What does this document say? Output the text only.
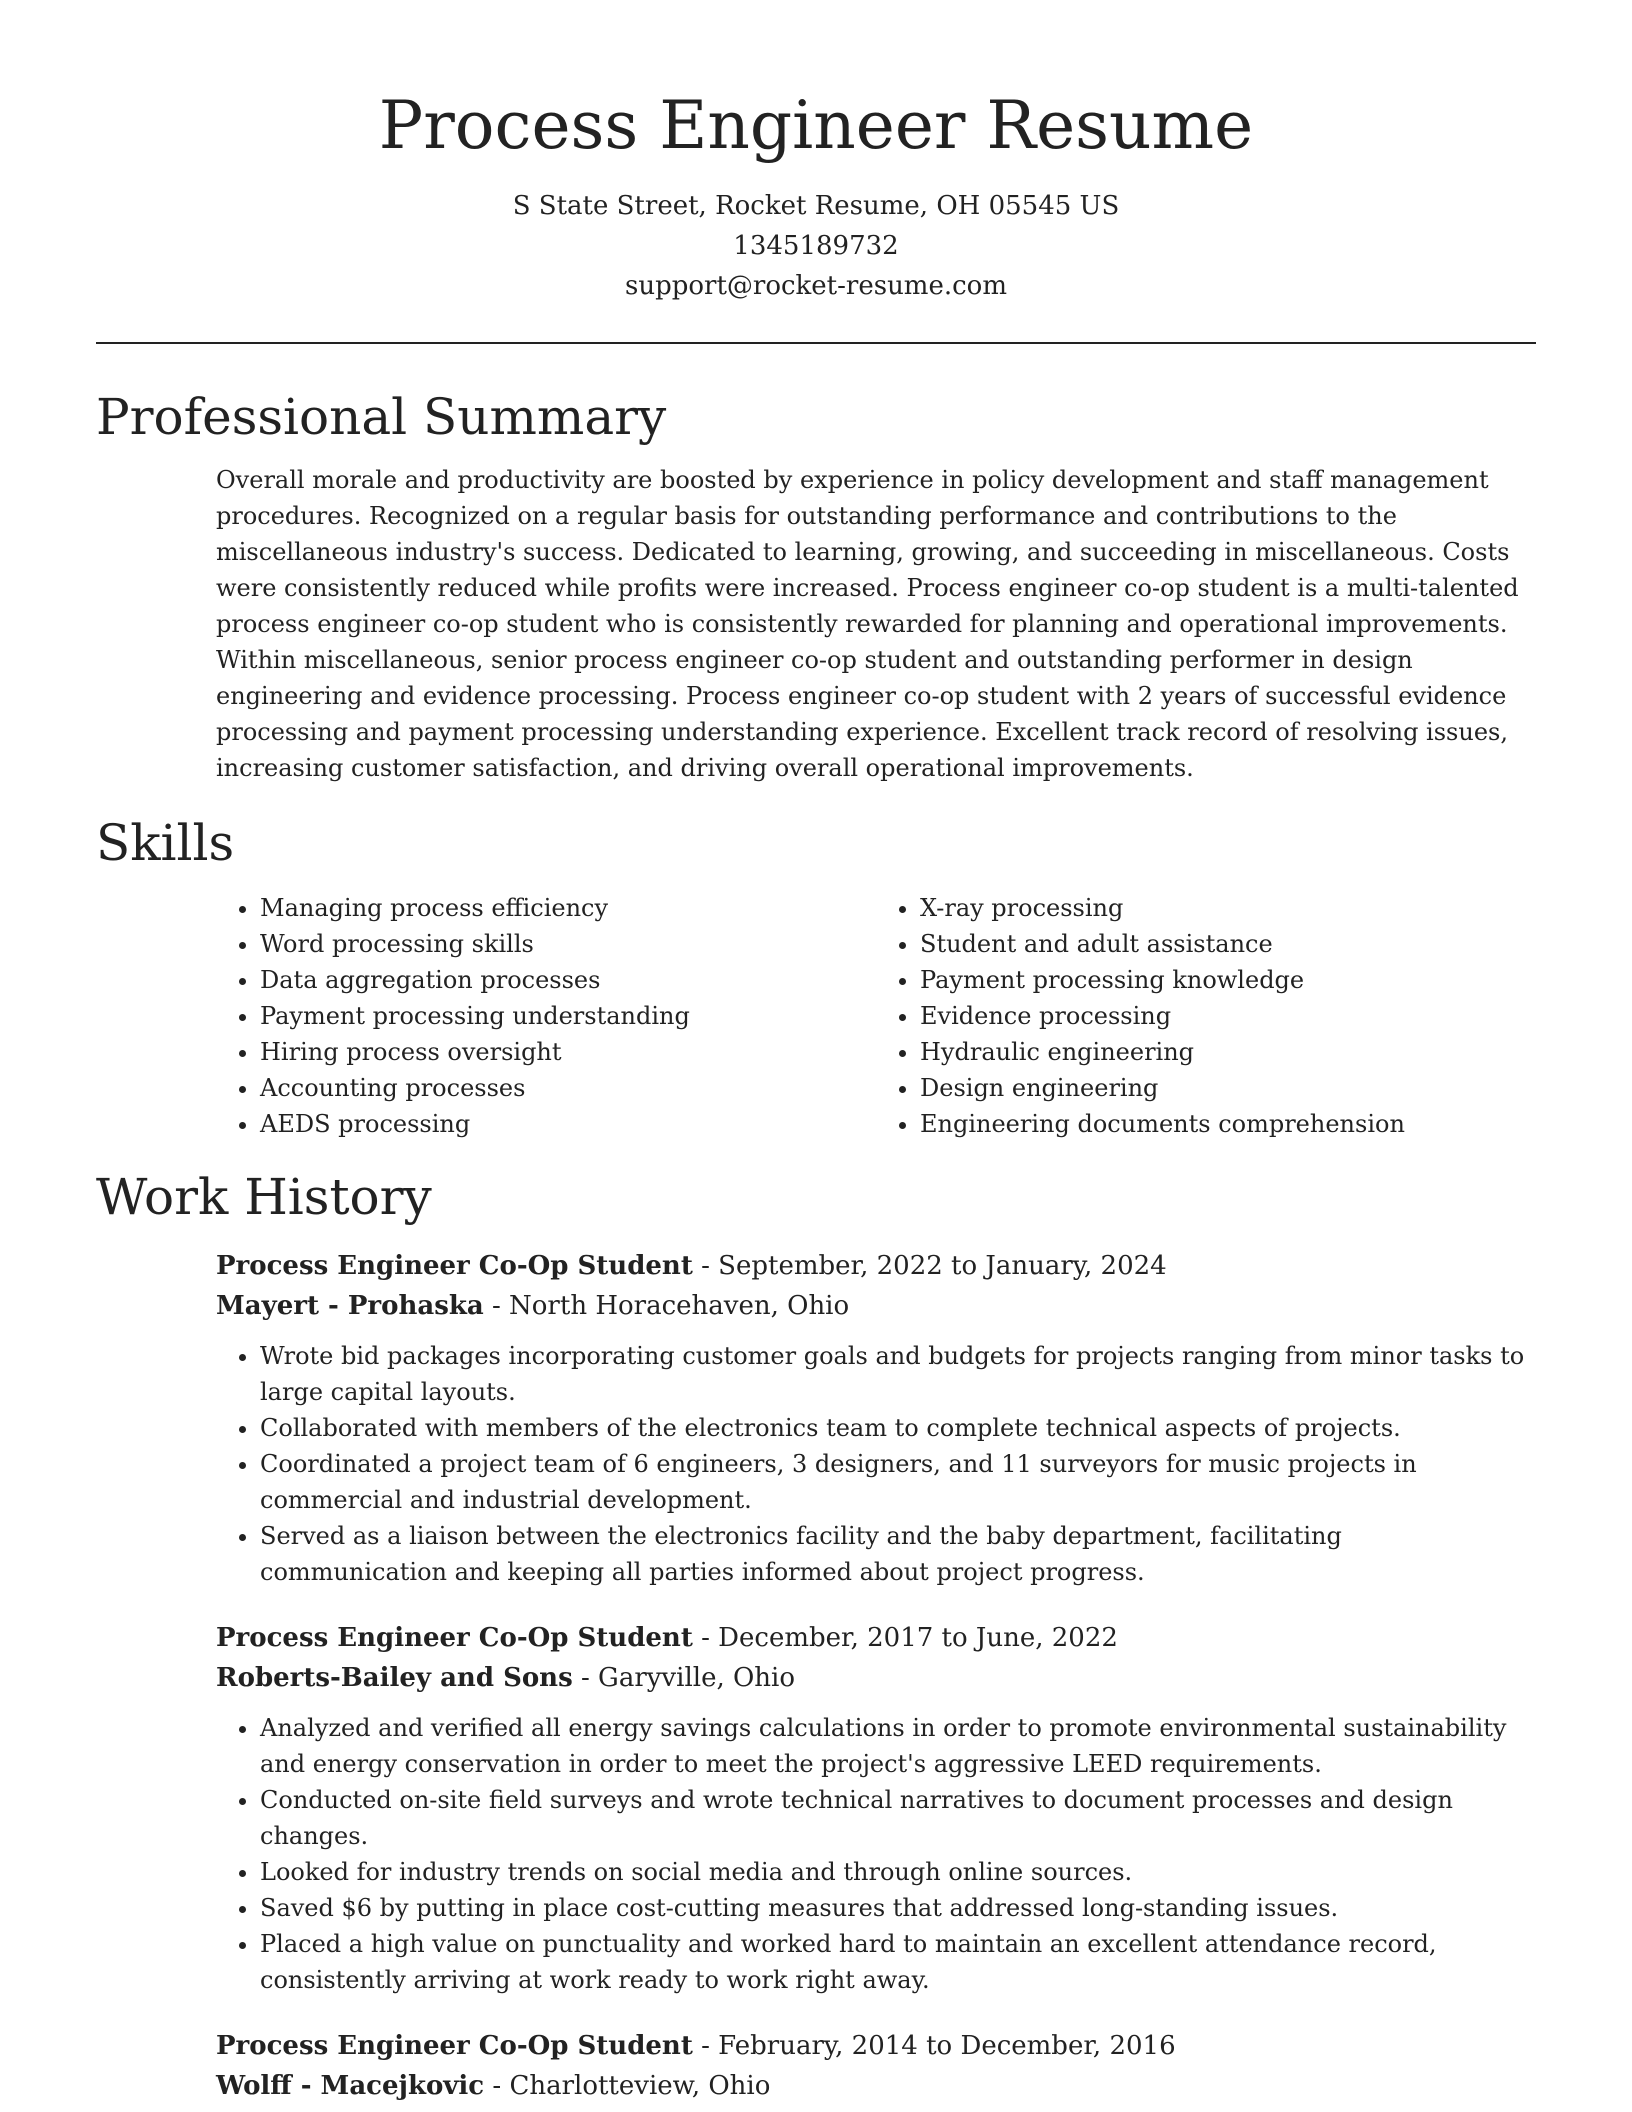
Process Engineer Resume

S State Street, Rocket Resume, OH 05545 US

1345189732

support@rocket-resume.com

Professional Summary

Overall morale and productivity are boosted by experience in policy development and staff management procedures. Recognized on a regular basis for outstanding performance and contributions to the miscellaneous industry's success. Dedicated to learning, growing, and succeeding in miscellaneous. Costs were consistently reduced while profits were increased. Process engineer co-op student is a multi-talented process engineer co-op student who is consistently rewarded for planning and operational improvements. Within miscellaneous, senior process engineer co-op student and outstanding performer in design engineering and evidence processing. Process engineer co-op student with 2 years of successful evidence processing and payment processing understanding experience. Excellent track record of resolving issues, increasing customer satisfaction, and driving overall operational improvements.

Skills
• Managing process efficiency
• Word processing skills
• Data aggregation processes
• Payment processing understanding
• Hiring process oversight
• Accounting processes
• AEDS processing
• X-ray processing
• Student and adult assistance
• Payment processing knowledge
• Evidence processing
• Hydraulic engineering
• Design engineering
• Engineering documents comprehension
Work History

Process Engineer Co-Op Student - September, 2022 to January, 2024

Mayert - Prohaska - North Horacehaven, Ohio

• Wrote bid packages incorporating customer goals and budgets for projects ranging from minor tasks to large capital layouts.
• Collaborated with members of the electronics team to complete technical aspects of projects.
• Coordinated a project team of 6 engineers, 3 designers, and 11 surveyors for music projects in commercial and industrial development.
• Served as a liaison between the electronics facility and the baby department, facilitating communication and keeping all parties informed about project progress.

Process Engineer Co-Op Student - December, 2017 to June, 2022

Roberts-Bailey and Sons - Garyville, Ohio

• Analyzed and verified all energy savings calculations in order to promote environmental sustainability and energy conservation in order to meet the project's aggressive LEED requirements.
• Conducted on-site field surveys and wrote technical narratives to document processes and design changes.
• Looked for industry trends on social media and through online sources.
• Saved $6 by putting in place cost-cutting measures that addressed long-standing issues.
• Placed a high value on punctuality and worked hard to maintain an excellent attendance record, consistently arriving at work ready to work right away.

Process Engineer Co-Op Student - February, 2014 to December, 2016

Wolff - Macejkovic - Charlotteview, Ohio
